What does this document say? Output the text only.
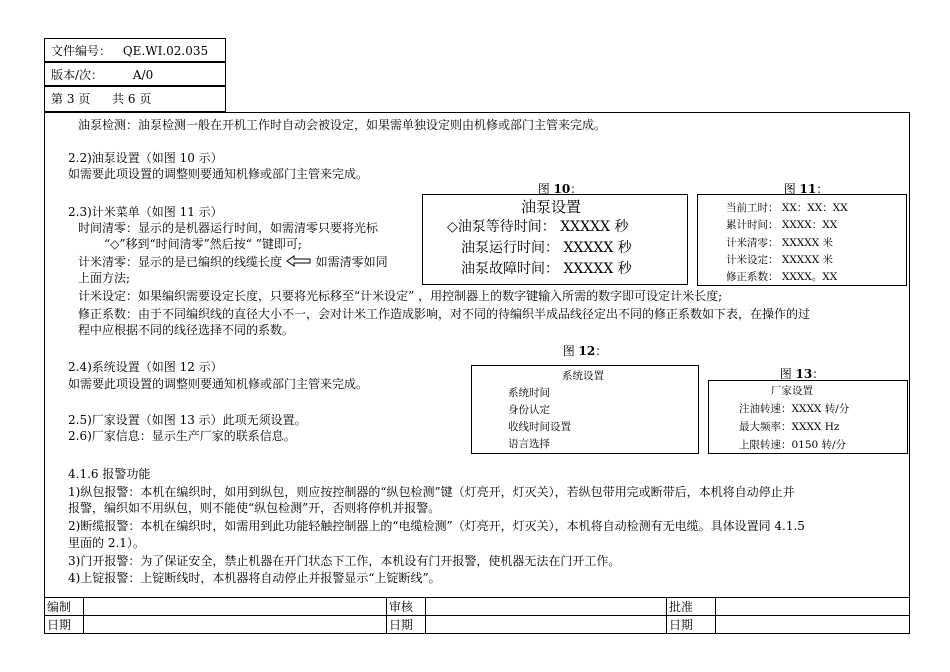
文件编号： QE.WI.02.035
版本/次： A/0
第 3 页 共 6 页
油泵检测：油泵检测一般在开机工作时自动会被设定，如果需单独设定则由机修或部门主管来完成。
2.2)油泵设置（如图 10 示）
如需要此项设置的调整则要通知机修或部门主管来完成。
2.3)计米菜单（如图 11 示）
时间清零：显示的是机器运行时间，如需清零只要将光标
“◇”移到“时间清零”然后按“ ”键即可;
计米清零：显示的是已编织的线缆长度	如需清零如同
上面方法;
计米设定：如果编织需要设定长度，只要将光标移至“计米设定” ，用控制器上的数字键输入所需的数字即可设定计米长度;
修正系数：由于不同编织线的直径大小不一，会对计米工作造成影响，对不同的待编织半成品线径定出不同的修正系数如下表，在操作的过
程中应根据不同的线径选择不同的系数。
2.4)系统设置（如图 12 示）
如需要此项设置的调整则要通知机修或部门主管来完成。
2.5)厂家设置（如图 13 示）此项无须设置。
2.6)厂家信息：显示生产厂家的联系信息。
4.1.6 报警功能
1)纵包报警：本机在编织时，如用到纵包，则应按控制器的“纵包检测”键（灯亮开，灯灭关），若纵包带用完或断带后，本机将自动停止并
报警，编织如不用纵包，则不能使“纵包检测”开，否则将停机并报警。
2)断缆报警：本机在编织时，如需用到此功能轻触控制器上的“电缆检测”（灯亮开，灯灭关），本机将自动检测有无电缆。具体设置同 4.1.5
里面的 2.1）。
3)门开报警：为了保证安全，禁止机器在开门状态下工作，本机设有门开报警，使机器无法在门开工作。
4)上锭报警：上锭断线时，本机器将自动停止并报警显示“上锭断线”。
图 10：
油泵设置
◇油泵等待时间： XXXXX 秒
油泵运行时间： XXXXX 秒
油泵故障时间： XXXXX 秒
图 11：
当前工时： XX：XX：XX
累计时间： XXXX：XX
计米清零： XXXXX 米
计米设定： XXXXX 米
修正系数： XXXX。XX
图 12：
系统设置
系统时间
身份认定
收线时间设置
语言选择
图 13：
厂家设置
注油转速：XXXX 转/分
最大频率：XXXX Hz
上限转速：0150 转/分
编制		审核		批准	
日期		日期		日期	
